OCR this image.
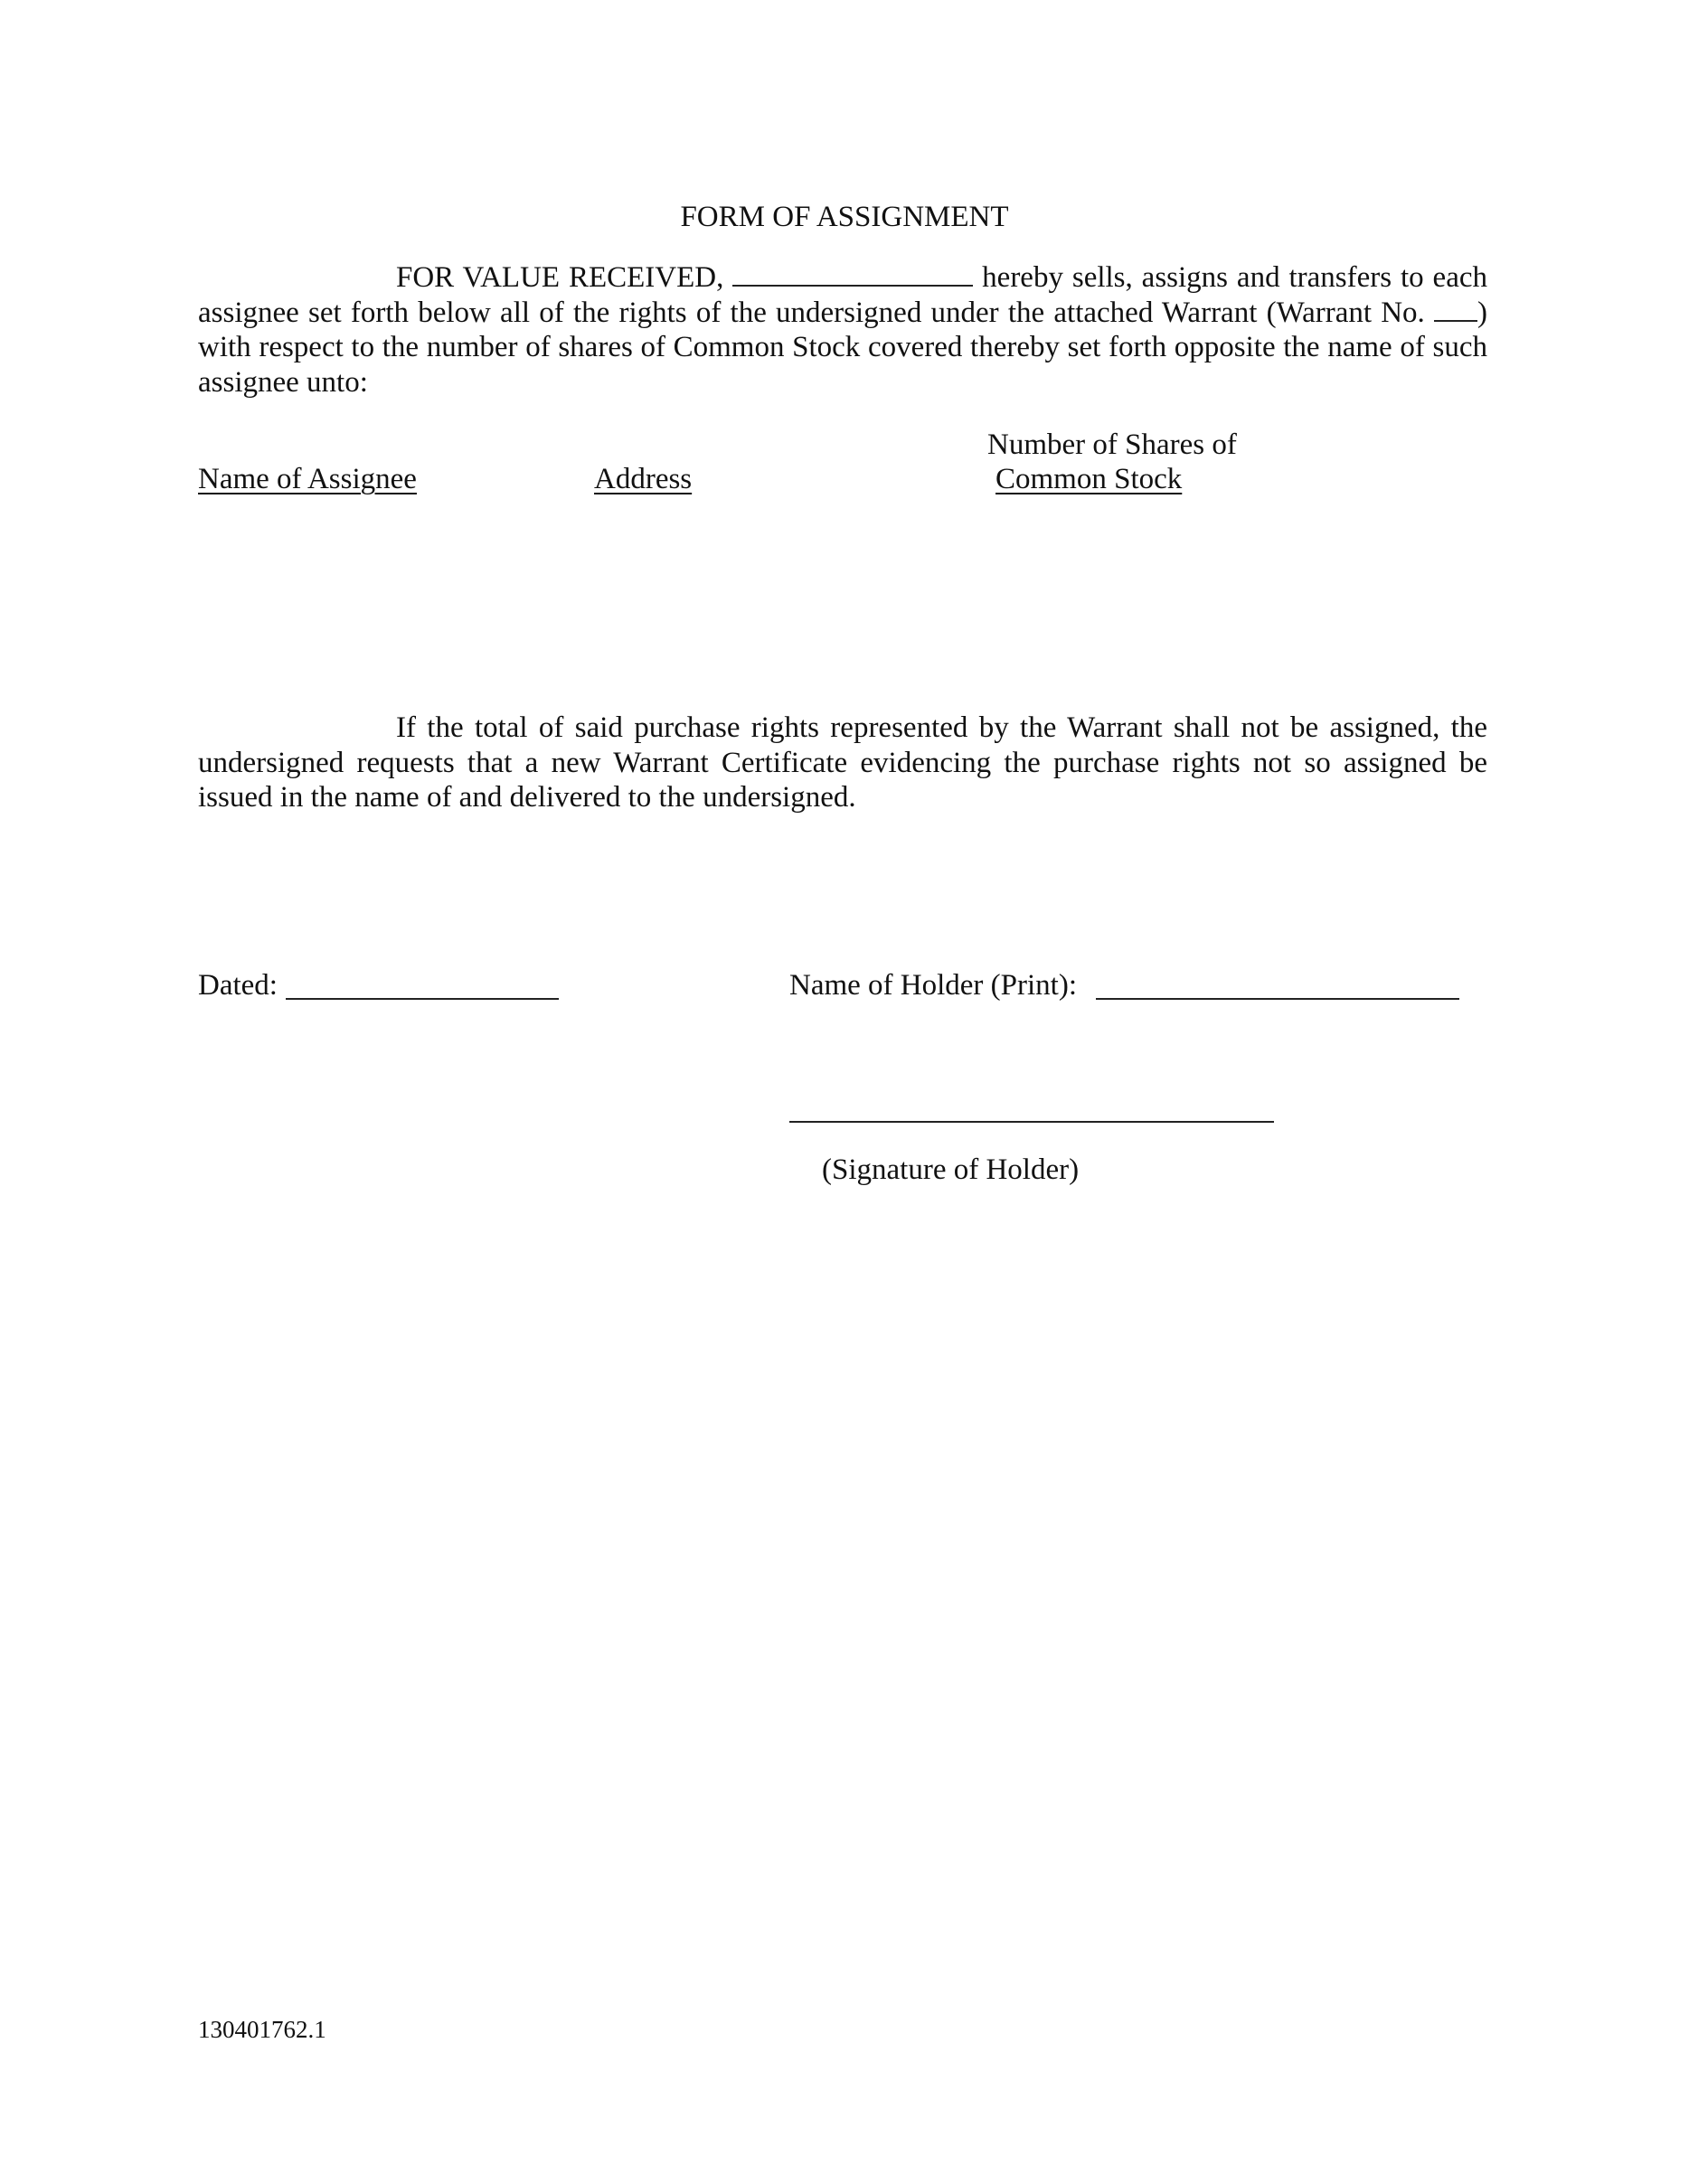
FORM OF ASSIGNMENT
FOR VALUE RECEIVED,	hereby sells, assigns and transfers to each assignee set forth below all of the rights of the undersigned under the attached Warrant (Warrant No. ) with respect to the number of shares of Common Stock covered thereby set forth opposite the name of such assignee unto:
Number of Shares of
Name of Assignee	Address	Common Stock
If the total of said purchase rights represented by the Warrant shall not be assigned, the undersigned requests that a new Warrant Certificate evidencing the purchase rights not so assigned be issued in the name of and delivered to the undersigned.
Dated:	Name of Holder (Print):
(Signature of Holder)
130401762.1
